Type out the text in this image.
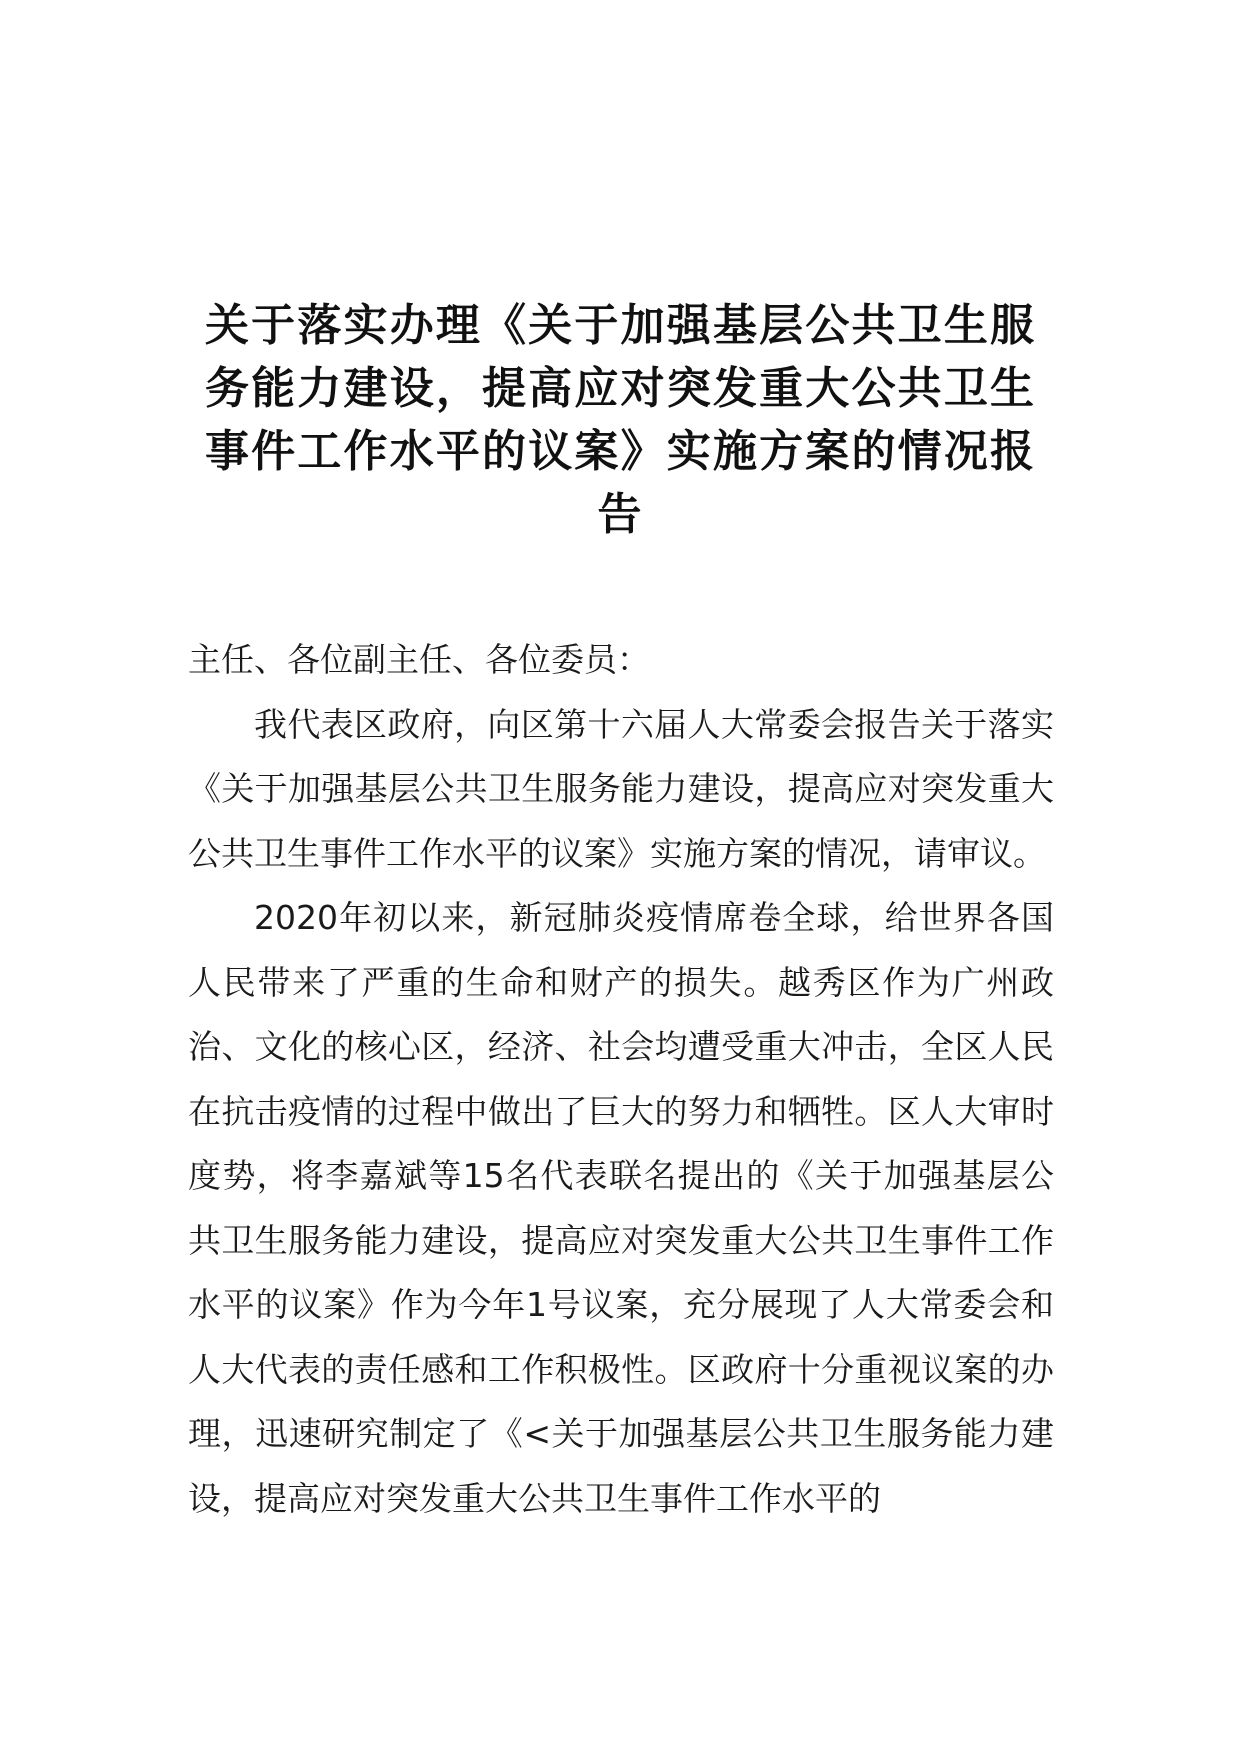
关于落实办理《关于加强基层公共卫生服务能力建设，提高应对突发重大公共卫生事件工作水平的议案》实施方案的情况报告

主任、各位副主任、各位委员：

我代表区政府，向区第十六届人大常委会报告关于落实《关于加强基层公共卫生服务能力建设，提高应对突发重大公共卫生事件工作水平的议案》实施方案的情况，请审议。

2020年初以来，新冠肺炎疫情席卷全球，给世界各国人民带来了严重的生命和财产的损失。越秀区作为广州政治、文化的核心区，经济、社会均遭受重大冲击，全区人民在抗击疫情的过程中做出了巨大的努力和牺牲。区人大审时度势，将李嘉斌等15名代表联名提出的《关于加强基层公共卫生服务能力建设，提高应对突发重大公共卫生事件工作水平的议案》作为今年1号议案，充分展现了人大常委会和人大代表的责任感和工作积极性。区政府十分重视议案的办理，迅速研究制定了《<关于加强基层公共卫生服务能力建设，提高应对突发重大公共卫生事件工作水平的
